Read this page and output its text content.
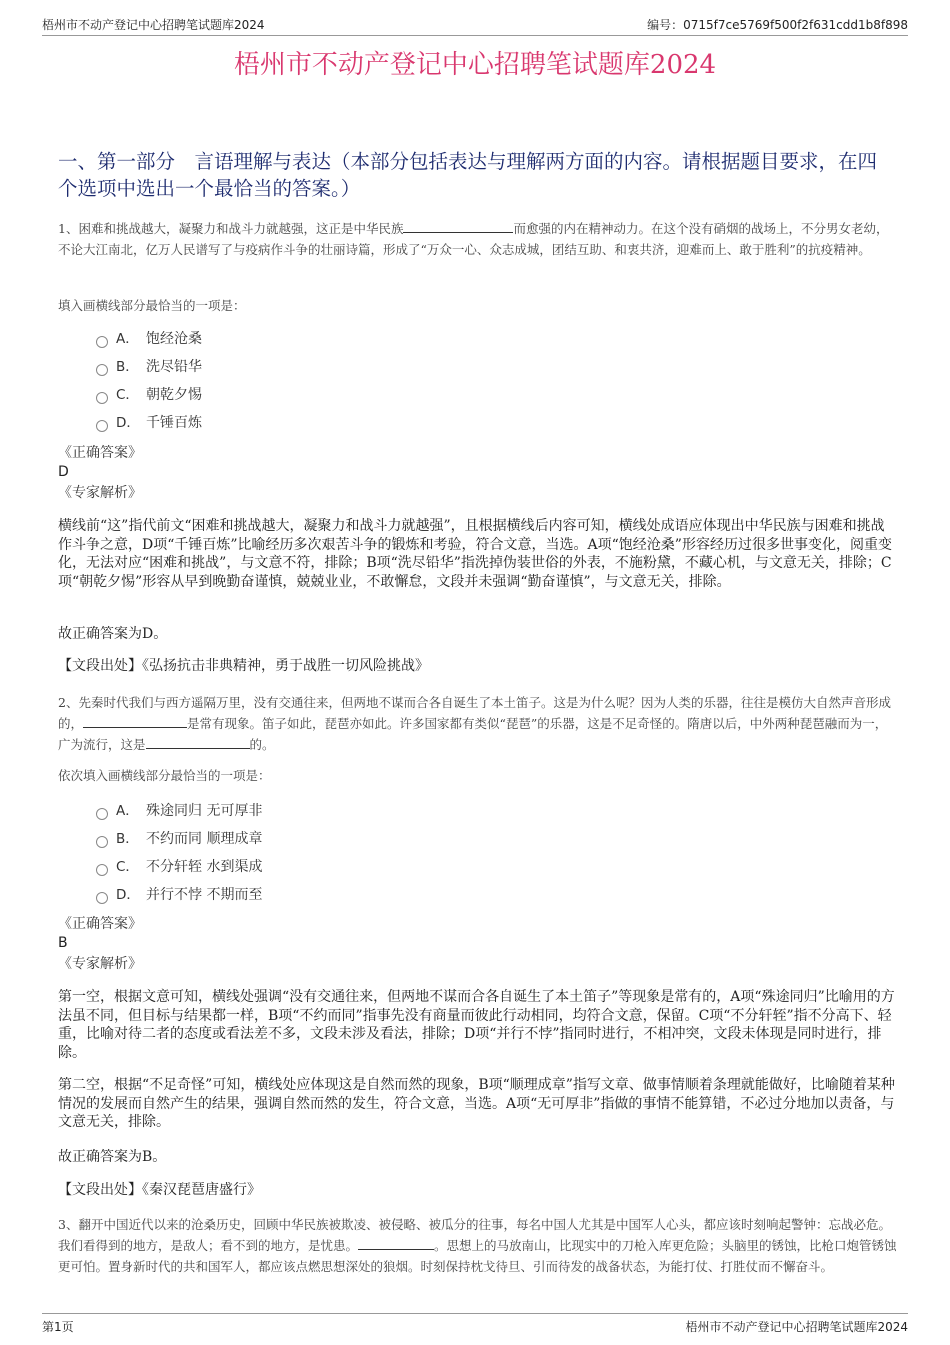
梧州市不动产登记中心招聘笔试题库2024	编号：0715f7ce5769f500f2f631cdd1b8f898
梧州市不动产登记中心招聘笔试题库2024
一、第一部分　言语理解与表达（本部分包括表达与理解两方面的内容。请根据题目要求，在四个选项中选出一个最恰当的答案。）
1、困难和挑战越大，凝聚力和战斗力就越强，这正是中华民族	而愈强的内在精神动力。在这个没有硝烟的战场上，不分男女老幼，不论大江南北，亿万人民谱写了与疫病作斗争的壮丽诗篇，形成了“万众一心、众志成城，团结互助、和衷共济，迎难而上、敢于胜利”的抗疫精神。
填入画横线部分最恰当的一项是：
A． 饱经沧桑
B． 洗尽铅华
C． 朝乾夕惕
D． 千锤百炼
《正确答案》
D
《专家解析》
横线前“这”指代前文“困难和挑战越大，凝聚力和战斗力就越强”，且根据横线后内容可知，横线处成语应体现出中华民族与困难和挑战作斗争之意，D项“千锤百炼”比喻经历多次艰苦斗争的锻炼和考验，符合文意，当选。A项“饱经沧桑”形容经历过很多世事变化，阅重变化，无法对应“困难和挑战”，与文意不符，排除；B项“洗尽铅华”指洗掉伪装世俗的外表，不施粉黛，不藏心机，与文意无关，排除；C项“朝乾夕惕”形容从早到晚勤奋谨慎，兢兢业业，不敢懈怠，文段并未强调“勤奋谨慎”，与文意无关，排除。
故正确答案为D。
【文段出处】《弘扬抗击非典精神，勇于战胜一切风险挑战》
2、先秦时代我们与西方遥隔万里，没有交通往来，但两地不谋而合各自诞生了本土笛子。这是为什么呢？因为人类的乐器，往往是模仿大自然声音形成的，	是常有现象。笛子如此，琵琶亦如此。许多国家都有类似“琵琶”的乐器，这是不足奇怪的。隋唐以后，中外两种琵琶融而为一，广为流行，这是	的。
依次填入画横线部分最恰当的一项是：
A． 殊途同归 无可厚非
B． 不约而同 顺理成章
C． 不分轩轾 水到渠成
D． 并行不悖 不期而至
《正确答案》
B
《专家解析》
第一空，根据文意可知，横线处强调“没有交通往来，但两地不谋而合各自诞生了本土笛子”等现象是常有的，A项“殊途同归”比喻用的方法虽不同，但目标与结果都一样，B项“不约而同”指事先没有商量而彼此行动相同，均符合文意，保留。C项“不分轩轾”指不分高下、轻重，比喻对待二者的态度或看法差不多，文段未涉及看法，排除；D项“并行不悖”指同时进行，不相冲突，文段未体现是同时进行，排除。
第二空，根据“不足奇怪”可知，横线处应体现这是自然而然的现象，B项“顺理成章”指写文章、做事情顺着条理就能做好，比喻随着某种情况的发展而自然产生的结果，强调自然而然的发生，符合文意，当选。A项“无可厚非”指做的事情不能算错，不必过分地加以责备，与文意无关，排除。
故正确答案为B。
【文段出处】《秦汉琵琶唐盛行》
3、翻开中国近代以来的沧桑历史，回顾中华民族被欺凌、被侵略、被瓜分的往事，每名中国人尤其是中国军人心头，都应该时刻响起警钟：忘战必危。我们看得到的地方，是敌人；看不到的地方，是忧患。	。思想上的马放南山，比现实中的刀枪入库更危险；头脑里的锈蚀，比枪口炮管锈蚀更可怕。置身新时代的共和国军人，都应该点燃思想深处的狼烟。时刻保持枕戈待旦、引而待发的战备状态，为能打仗、打胜仗而不懈奋斗。
第1页	梧州市不动产登记中心招聘笔试题库2024
